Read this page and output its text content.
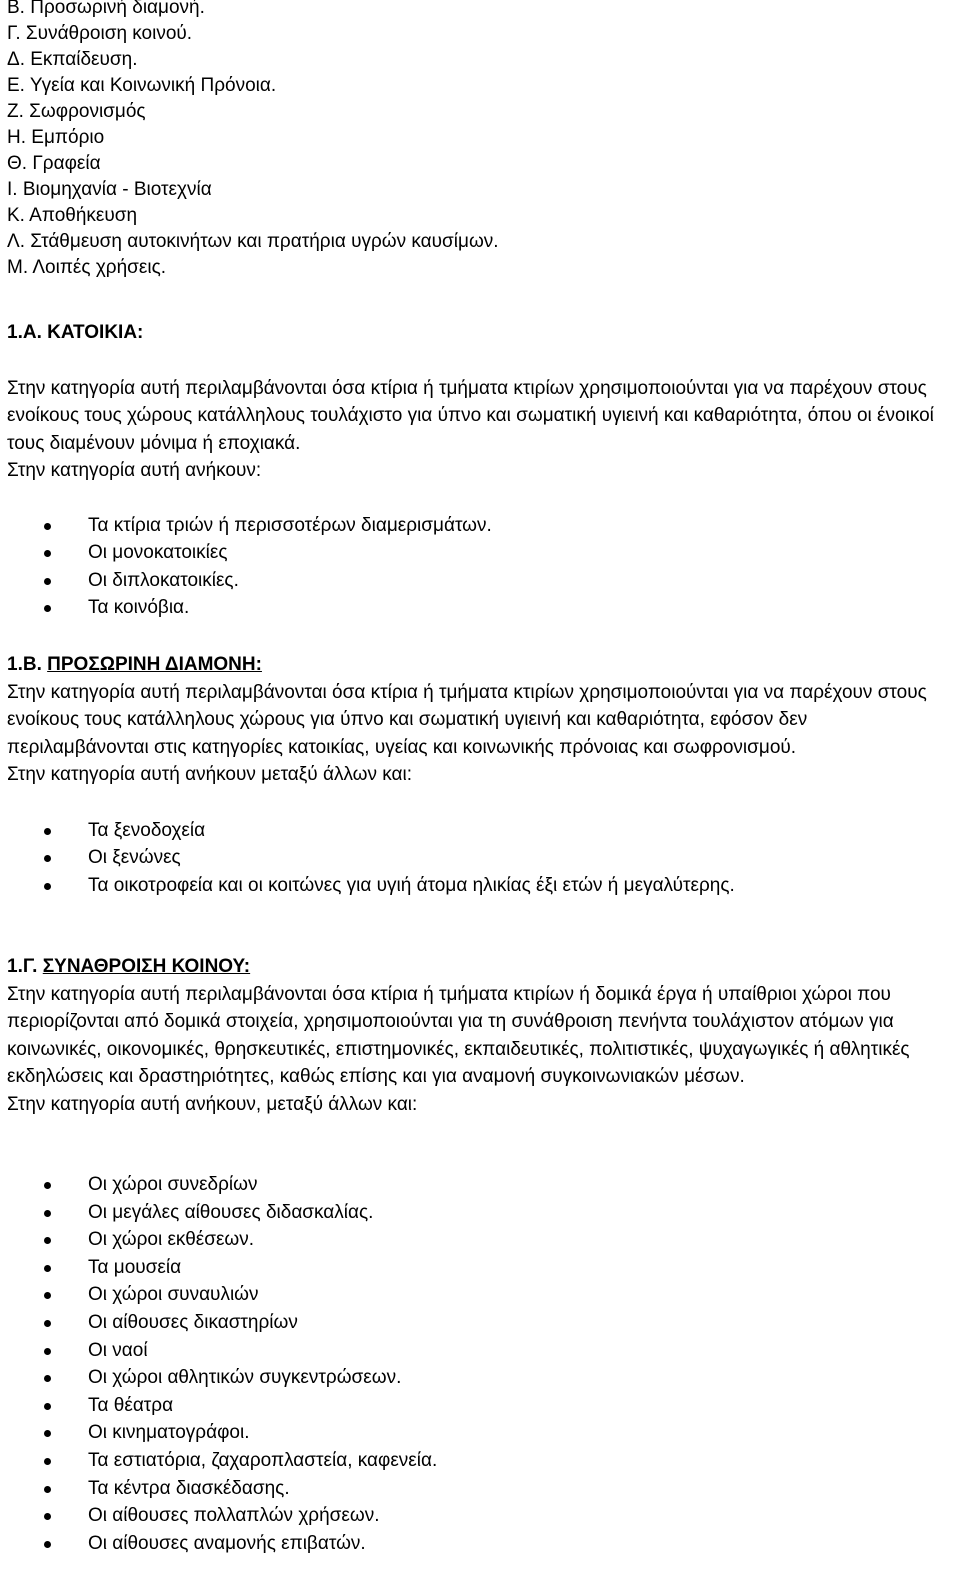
Β. Προσωρινή διαμονή.
Γ. Συνάθροιση κοινού.
Δ. Εκπαίδευση.
Ε. Υγεία και Κοινωνική Πρόνοια.
Ζ. Σωφρονισμός
Η. Εμπόριο
Θ. Γραφεία
Ι. Βιομηχανία - Βιοτεχνία
Κ. Αποθήκευση
Λ. Στάθμευση αυτοκινήτων και πρατήρια υγρών καυσίμων.
Μ. Λοιπές χρήσεις.
1.Α. ΚΑΤΟΙΚΙΑ:

Στην κατηγορία αυτή περιλαμβάνονται όσα κτίρια ή τμήματα κτιρίων χρησιμοποιούνται για να παρέχουν στους ενοίκους τους χώρους κατάλληλους τουλάχιστο για ύπνο και σωματική υγιεινή και καθαριότητα, όπου οι ένοικοί τους διαμένουν μόνιμα ή εποχιακά.

Στην κατηγορία αυτή ανήκουν:

Τα κτίρια τριών ή περισσοτέρων διαμερισμάτων.
Οι μονοκατοικίες
Οι διπλοκατοικίες.
Τα κοινόβια.
1.Β. ΠΡΟΣΩΡΙΝΗ ΔΙΑΜΟΝΗ:

Στην κατηγορία αυτή περιλαμβάνονται όσα κτίρια ή τμήματα κτιρίων χρησιμοποιούνται για να παρέχουν στους ενοίκους τους κατάλληλους χώρους για ύπνο και σωματική υγιεινή και καθαριότητα, εφόσον δεν περιλαμβάνονται στις κατηγορίες κατοικίας, υγείας και κοινωνικής πρόνοιας και σωφρονισμού.

Στην κατηγορία αυτή ανήκουν μεταξύ άλλων και:

Τα ξενοδοχεία
Οι ξενώνες
Τα οικοτροφεία και οι κοιτώνες για υγιή άτομα ηλικίας έξι ετών ή μεγαλύτερης.
1.Γ. ΣΥΝΑΘΡΟΙΣΗ ΚΟΙΝΟΥ:

Στην κατηγορία αυτή περιλαμβάνονται όσα κτίρια ή τμήματα κτιρίων ή δομικά έργα ή υπαίθριοι χώροι που περιορίζονται από δομικά στοιχεία, χρησιμοποιούνται για τη συνάθροιση πενήντα τουλάχιστον ατόμων για κοινωνικές, οικονομικές, θρησκευτικές, επιστημονικές, εκπαιδευτικές, πολιτιστικές, ψυχαγωγικές ή αθλητικές εκδηλώσεις και δραστηριότητες, καθώς επίσης και για αναμονή συγκοινωνιακών μέσων.

Στην κατηγορία αυτή ανήκουν, μεταξύ άλλων και:

Οι χώροι συνεδρίων
Οι μεγάλες αίθουσες διδασκαλίας.
Οι χώροι εκθέσεων.
Τα μουσεία
Οι χώροι συναυλιών
Οι αίθουσες δικαστηρίων
Οι ναοί
Οι χώροι αθλητικών συγκεντρώσεων.
Τα θέατρα
Οι κινηματογράφοι.
Τα εστιατόρια, ζαχαροπλαστεία, καφενεία.
Τα κέντρα διασκέδασης.
Οι αίθουσες πολλαπλών χρήσεων.
Οι αίθουσες αναμονής επιβατών.
